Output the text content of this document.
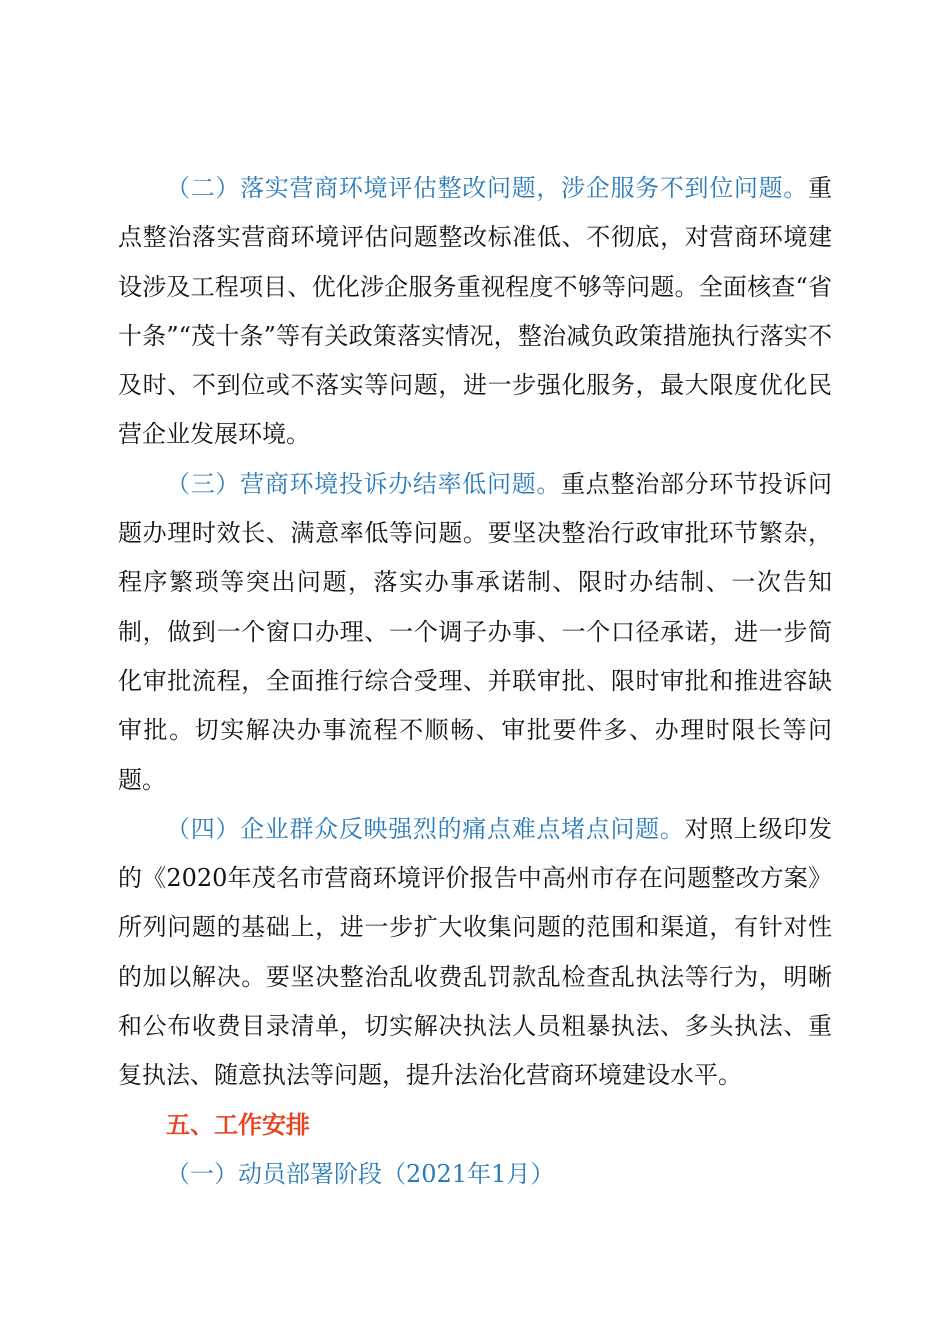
（二）落实营商环境评估整改问题，涉企服务不到位问题。重点整治落实营商环境评估问题整改标准低、不彻底，对营商环境建设涉及工程项目、优化涉企服务重视程度不够等问题。全面核查“省十条”“茂十条”等有关政策落实情况，整治减负政策措施执行落实不及时、不到位或不落实等问题，进一步强化服务，最大限度优化民营企业发展环境。

（三）营商环境投诉办结率低问题。重点整治部分环节投诉问题办理时效长、满意率低等问题。要坚决整治行政审批环节繁杂，程序繁琐等突出问题，落实办事承诺制、限时办结制、一次告知制，做到一个窗口办理、一个调子办事、一个口径承诺，进一步简化审批流程，全面推行综合受理、并联审批、限时审批和推进容缺审批。切实解决办事流程不顺畅、审批要件多、办理时限长等问题。

（四）企业群众反映强烈的痛点难点堵点问题。对照上级印发的《2020年茂名市营商环境评价报告中高州市存在问题整改方案》所列问题的基础上，进一步扩大收集问题的范围和渠道，有针对性的加以解决。要坚决整治乱收费乱罚款乱检查乱执法等行为，明晰和公布收费目录清单，切实解决执法人员粗暴执法、多头执法、重复执法、随意执法等问题，提升法治化营商环境建设水平。

五、工作安排

（一）动员部署阶段（2021年1月）
